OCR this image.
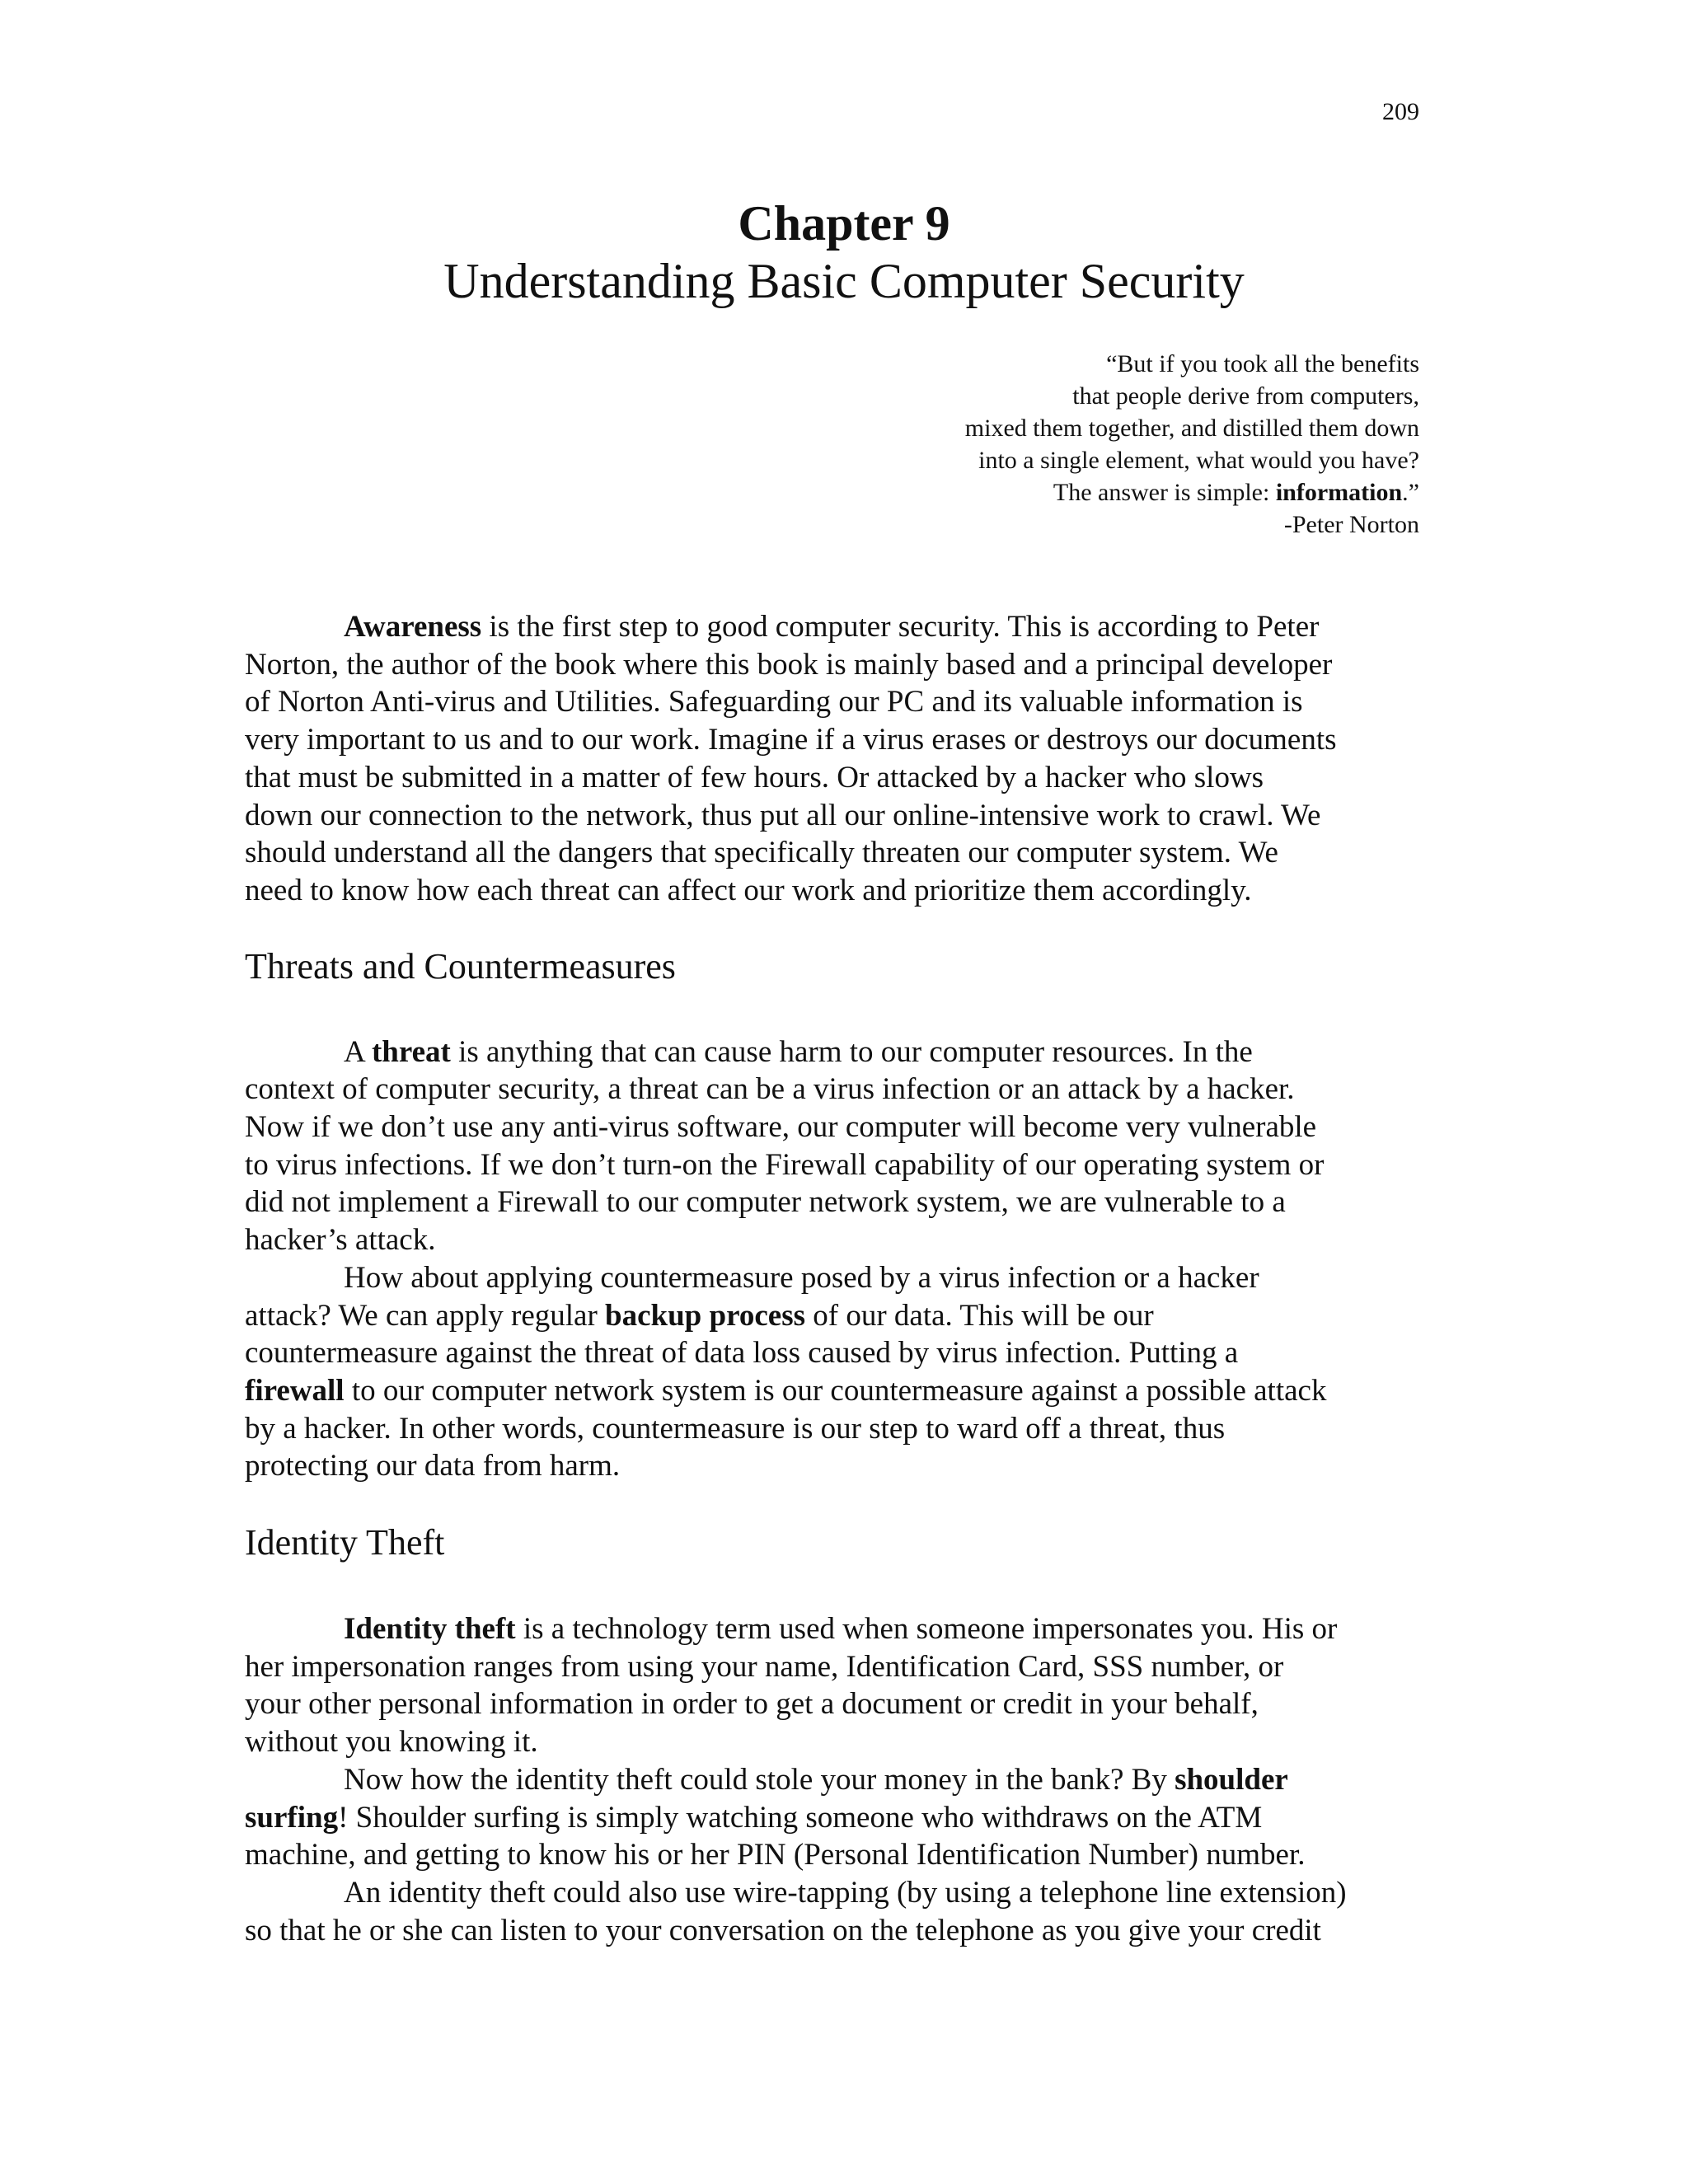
209
Chapter 9
Understanding Basic Computer Security
“But if you took all the benefits
that people derive from computers,
mixed them together, and distilled them down
into a single element, what would you have?
The answer is simple: information.”
-Peter Norton

Awareness is the first step to good computer security. This is according to Peter
Norton, the author of the book where this book is mainly based and a principal developer
of Norton Anti-virus and Utilities. Safeguarding our PC and its valuable information is
very important to us and to our work. Imagine if a virus erases or destroys our documents
that must be submitted in a matter of few hours. Or attacked by a hacker who slows
down our connection to the network, thus put all our online-intensive work to crawl. We
should understand all the dangers that specifically threaten our computer system. We
need to know how each threat can affect our work and prioritize them accordingly.

Threats and Countermeasures

A threat is anything that can cause harm to our computer resources. In the
context of computer security, a threat can be a virus infection or an attack by a hacker.
Now if we don’t use any anti-virus software, our computer will become very vulnerable
to virus infections. If we don’t turn-on the Firewall capability of our operating system or
did not implement a Firewall to our computer network system, we are vulnerable to a
hacker’s attack.

How about applying countermeasure posed by a virus infection or a hacker
attack? We can apply regular backup process of our data. This will be our
countermeasure against the threat of data loss caused by virus infection. Putting a
firewall to our computer network system is our countermeasure against a possible attack
by a hacker. In other words, countermeasure is our step to ward off a threat, thus
protecting our data from harm.

Identity Theft

Identity theft is a technology term used when someone impersonates you. His or
her impersonation ranges from using your name, Identification Card, SSS number, or
your other personal information in order to get a document or credit in your behalf,
without you knowing it.

Now how the identity theft could stole your money in the bank? By shoulder
surfing! Shoulder surfing is simply watching someone who withdraws on the ATM
machine, and getting to know his or her PIN (Personal Identification Number) number.

An identity theft could also use wire-tapping (by using a telephone line extension)
so that he or she can listen to your conversation on the telephone as you give your credit
